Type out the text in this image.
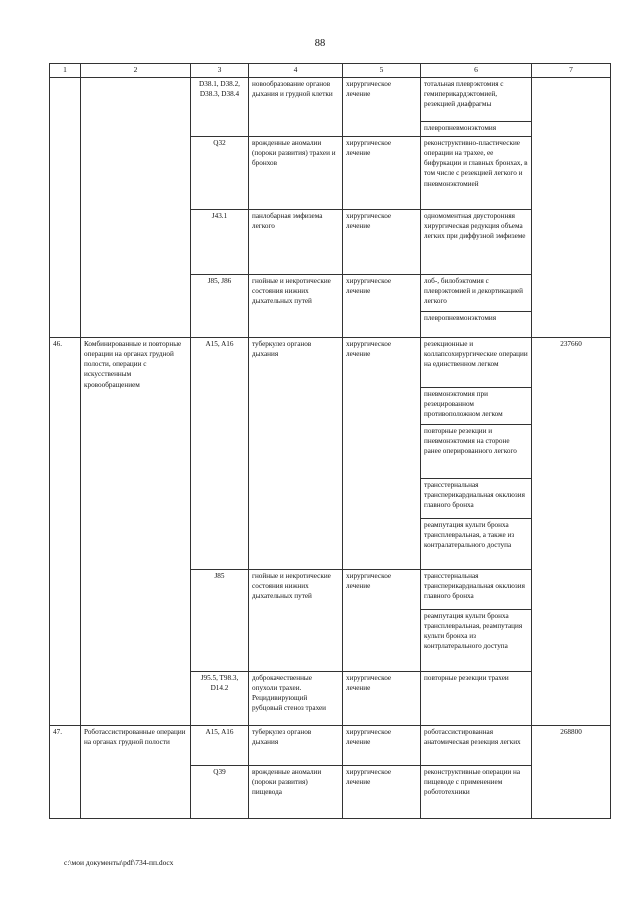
88
1	2	3	4	5	6	7
		D38.1, D38.2, D38.3, D38.4	новообразование органов дыхания и грудной клетки	хирургическое лечение	тотальная плеврэктомия с гемиперикардэктомией, резекцией диафрагмы	
					плевропневмонэктомия	
		Q32	врожденные аномалии (пороки развития) трахеи и бронхов	хирургическое лечение	реконструктивно-пластические операции на трахее, ее бифуркации и главных бронхах, в том числе с резекцией легкого и пневмонэктомией	
		J43.1	панлобарная эмфизема легкого	хирургическое лечение	одномоментная двусторонняя хирургическая редукция объема легких при диффузной эмфиземе	
		J85, J86	гнойные и некротические состояния нижних дыхательных путей	хирургическое лечение	лоб-, билобэктомия с плеврэктомией и декортикацией легкого	
					плевропневмонэктомия	
46.	Комбинированные и повторные операции на органах грудной полости, операции с искусственным кровообращением	A15, A16	туберкулез органов дыхания	хирургическое лечение	резекционные и коллапсохирургические операции на единственном легком	237660
					пневмонэктомия при резецированном противоположном легком	
					повторные резекции и пневмонэктомия на стороне ранее оперированного легкого	
					трансстернальная трансперикардиальная окклюзия главного бронха	
					реампутация культи бронха трансплевральная, а также из контралатерального доступа	
		J85	гнойные и некротические состояния нижних дыхательных путей	хирургическое лечение	трансстернальная трансперикардиальная окклюзия главного бронха	
					реампутация культи бронха трансплевральная, реампутация культи бронха из контрлатерального доступа	
		J95.5, T98.3, D14.2	доброкачественные опухоли трахеи. Рецидивирующий рубцовый стеноз трахеи	хирургическое лечение	повторные резекции трахеи	
47.	Роботассистированные операции на органах грудной полости	A15, A16	туберкулез органов дыхания	хирургическое лечение	роботассистированная анатомическая резекция легких	268800
		Q39	врожденные аномалии (пороки развития) пищевода	хирургическое лечение	реконструктивные операции на пищеводе с применением робототехники	
c:\мои документы\pdf\734-пп.docx
